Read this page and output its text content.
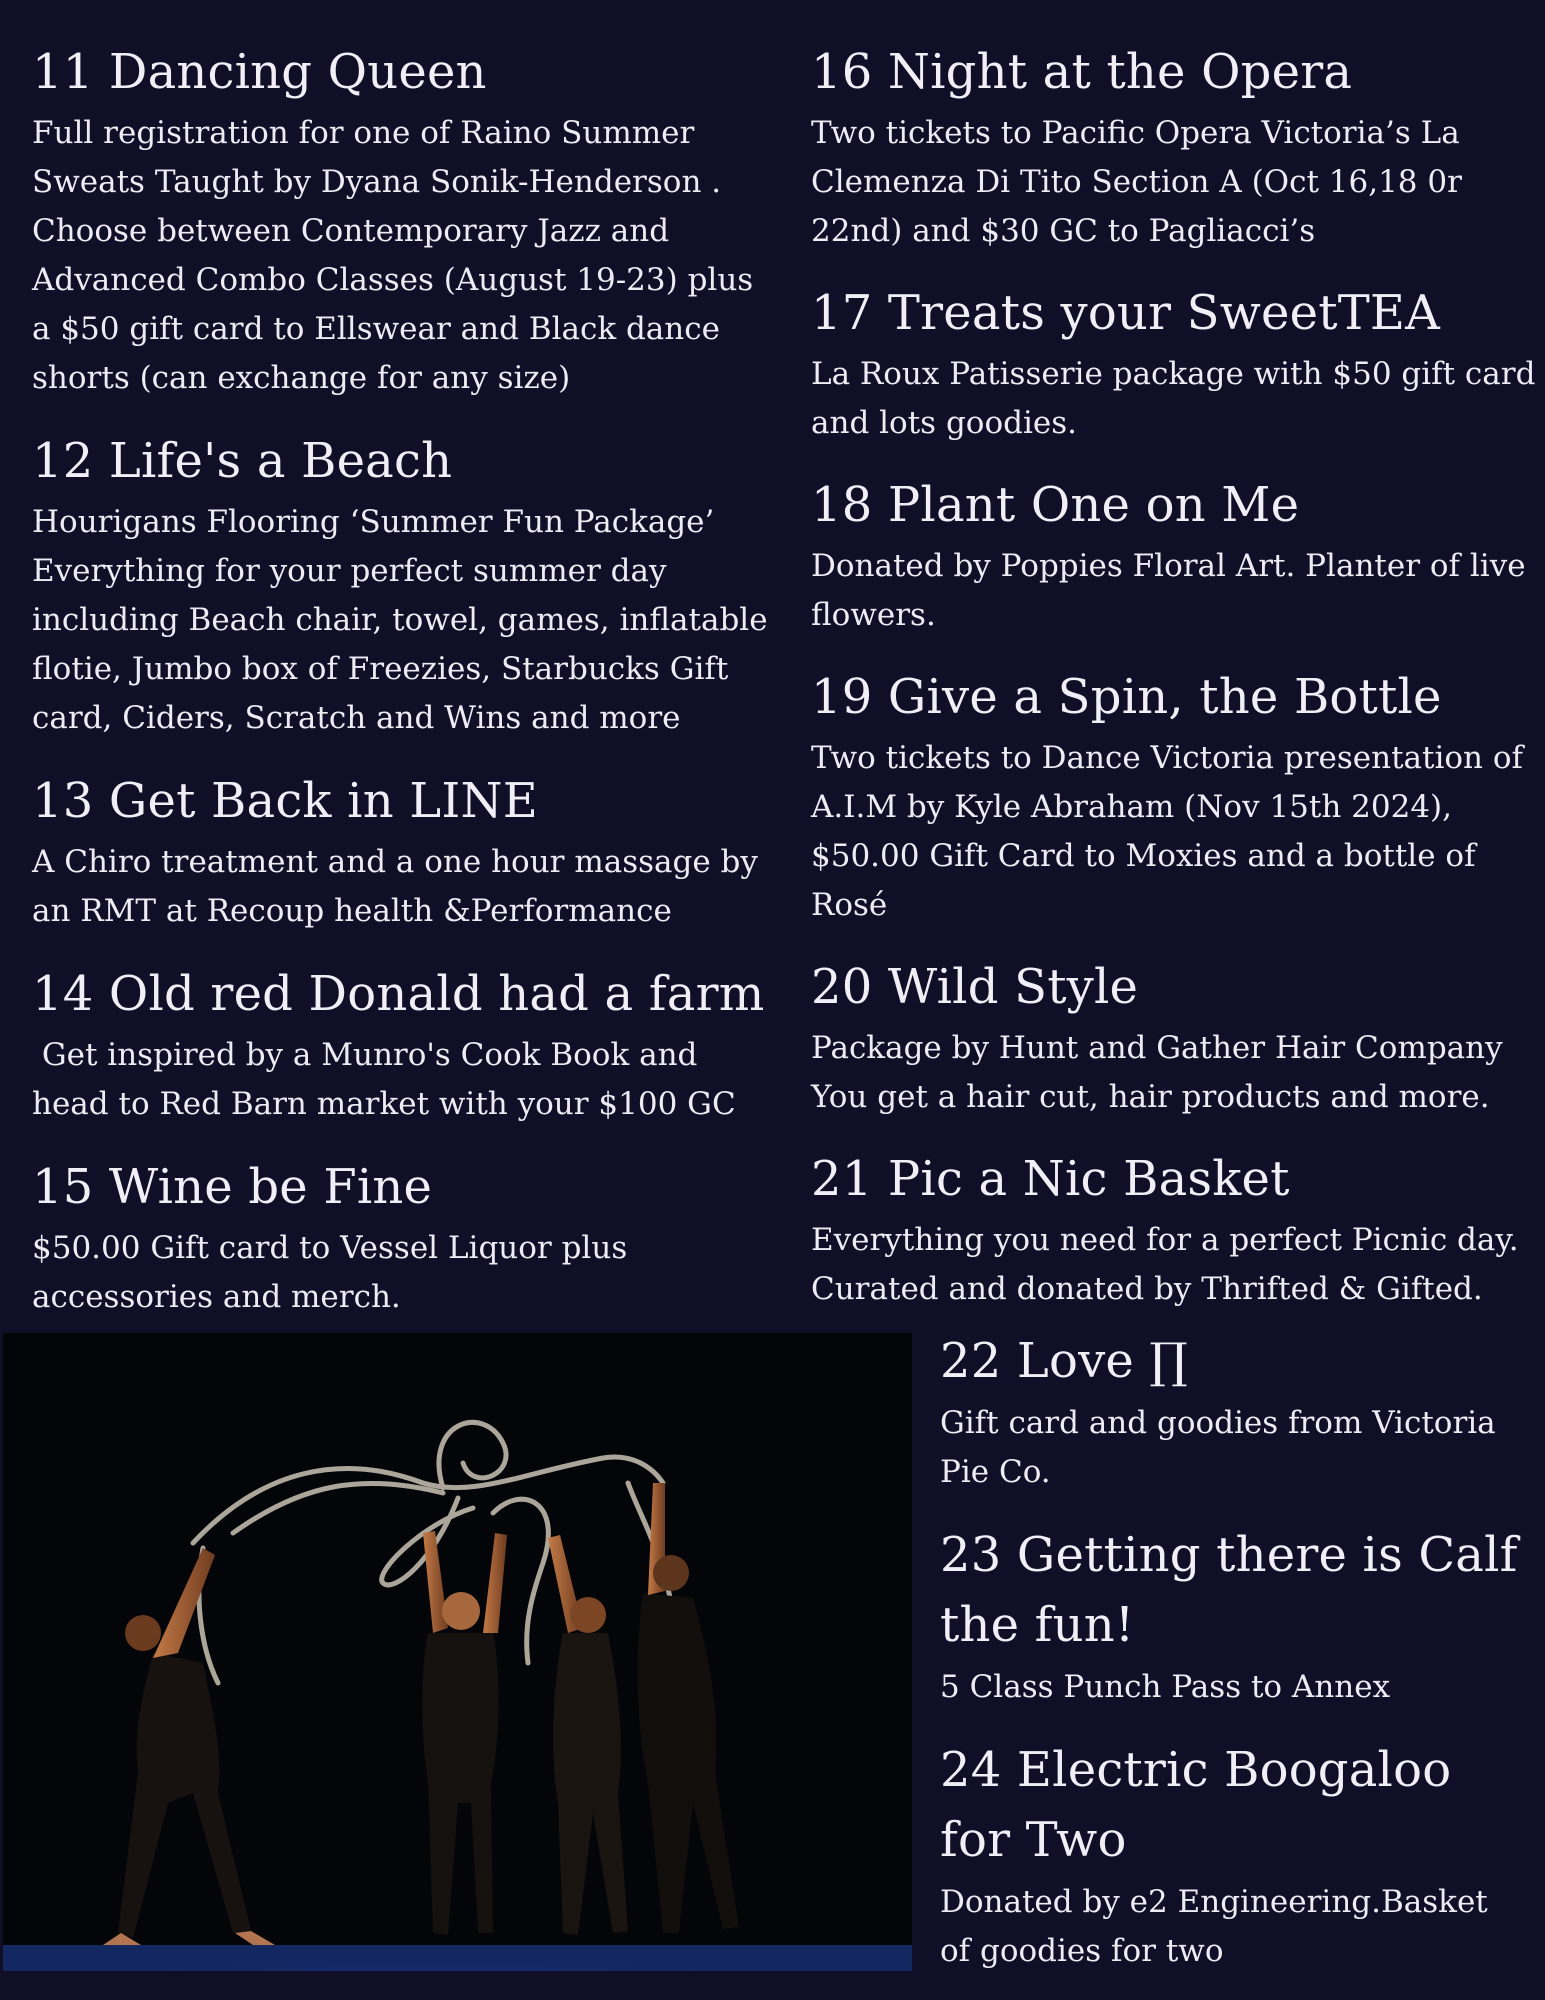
11 Dancing Queen

Full registration for one of Raino Summer Sweats Taught by Dyana Sonik-Henderson . Choose between Contemporary Jazz and Advanced Combo Classes (August 19-23) plus a $50 gift card to Ellswear and Black dance shorts (can exchange for any size)

12 Life's a Beach

Hourigans Flooring ‘Summer Fun Package’ Everything for your perfect summer day including Beach chair, towel, games, inflatable flotie, Jumbo box of Freezies, Starbucks Gift card, Ciders, Scratch and Wins and more

13 Get Back in LINE

A Chiro treatment and a one hour massage by an RMT at Recoup health &Performance

14 Old red Donald had a farm

Get inspired by a Munro's Cook Book and head to Red Barn market with your $100 GC

15 Wine be Fine

$50.00 Gift card to Vessel Liquor plus accessories and merch.

16 Night at the Opera

Two tickets to Pacific Opera Victoria’s La Clemenza Di Tito Section A (Oct 16,18 0r 22nd) and $30 GC to Pagliacci’s

17 Treats your SweetTEA

La Roux Patisserie package with $50 gift card and lots goodies.

18 Plant One on Me

Donated by Poppies Floral Art. Planter of live flowers.

19 Give a Spin, the Bottle

Two tickets to Dance Victoria presentation of A.I.M by Kyle Abraham (Nov 15th 2024), $50.00 Gift Card to Moxies and a bottle of Rosé

20 Wild Style

Package by Hunt and Gather Hair Company You get a hair cut, hair products and more.

21 Pic a Nic Basket

Everything you need for a perfect Picnic day. Curated and donated by Thrifted & Gifted.

22 Love ∏

Gift card and goodies from Victoria Pie Co.

23 Getting there is Calf the fun!

5 Class Punch Pass to Annex

24 Electric Boogaloo for Two

Donated by e2 Engineering.Basket of goodies for two
